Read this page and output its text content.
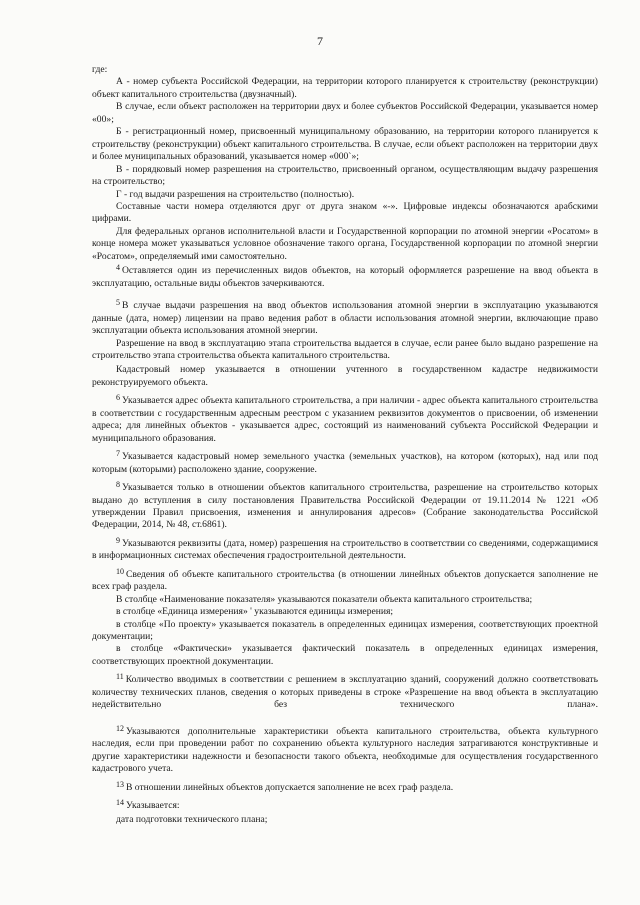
7

где:

А - номер субъекта Российской Федерации, на территории которого планируется к строительству (реконструкции) объект капитального строительства (двузначный).

В случае, если объект расположен на территории двух и более субъектов Российской Федерации, указывается номер «00»;

Б - регистрационный номер, присвоенный муниципальному образованию, на территории которого планируется к строительству (реконструкции) объект капитального строительства. В случае, если объект расположен на территории двух и более муниципальных образований, указывается номер «000`»;

В - порядковый номер разрешения на строительство, присвоенный органом, осуществляющим выдачу разрешения на строительство;

Г - год выдачи разрешения на строительство (полностью).

Составные части номера отделяются друг от друга знаком «-». Цифровые индексы обозначаются арабскими цифрами.

Для федеральных органов исполнительной власти и Государственной корпорации по атомной энергии «Росатом» в конце номера может указываться условное обозначение такого органа, Государственной корпорации по атомной энергии «Росатом», определяемый ими самостоятельно.

$^4$ Оставляется один из перечисленных видов объектов, на который оформляется разрешение на ввод объекта в эксплуатацию, остальные виды объектов зачеркиваются.

$^5$ В случае выдачи разрешения на ввод объектов использования атомной энергии в эксплуатацию указываются данные (дата, номер) лицензии на право ведения работ в области использования атомной энергии, включающие право эксплуатации объекта использования атомной энергии.

Разрешение на ввод в эксплуатацию этапа строительства выдается в случае, если ранее было выдано разрешение на строительство этапа строительства объекта капитального строительства.

Кадастровый номер указывается в отношении учтенного в государственном кадастре недвижимости реконструируемого объекта.

$^6$ Указывается адрес объекта капитального строительства, а при наличии - адрес объекта капитального строительства в соответствии с государственным адресным реестром с указанием реквизитов документов о присвоении, об изменении адреса; для линейных объектов - указывается адрес, состоящий из наименований субъекта Российской Федерации и муниципального образования.

$^7$ Указывается кадастровый номер земельного участка (земельных участков), на котором (которых), над или под которым (которыми) расположено здание, сооружение.

$^8$ Указывается только в отношении объектов капитального строительства, разрешение на строительство которых выдано до вступления в силу постановления Правительства Российской Федерации от 19.11.2014 № 1221 «Об утверждении Правил присвоения, изменения и аннулирования адресов» (Собрание законодательства Российской Федерации, 2014, № 48, ст.6861).

$^9$ Указываются реквизиты (дата, номер) разрешения на строительство в соответствии со сведениями, содержащимися в информационных системах обеспечения градостроительной деятельности.

$^{10}$ Сведения об объекте капитального строительства (в отношении линейных объектов допускается заполнение не всех граф раздела.

В столбце «Наименование показателя» указываются показатели объекта капитального строительства;

в столбце «Единица измерения» ' указываются единицы измерения;

в столбце «По проекту» указывается показатель в определенных единицах измерения, соответствующих проектной документации;

в столбце «Фактически» указывается фактический показатель в определенных единицах измерения, соответствующих проектной документации.

$^{11}$ Количество вводимых в соответствии с решением в эксплуатацию зданий, сооружений должно соответствовать количеству технических планов, сведения о которых приведены в строке «Разрешение на ввод объекта в эксплуатацию недействительно без технического плана».

$^{12}$ Указываются дополнительные характеристики объекта капитального строительства, объекта культурного наследия, если при проведении работ по сохранению объекта культурного наследия затрагиваются конструктивные и другие характеристики надежности и безопасности такого объекта, необходимые для осуществления государственного кадастрового учета.

$^{13}$ В отношении линейных объектов допускается заполнение не всех граф раздела.

$^{14}$ Указывается:

дата подготовки технического плана;
